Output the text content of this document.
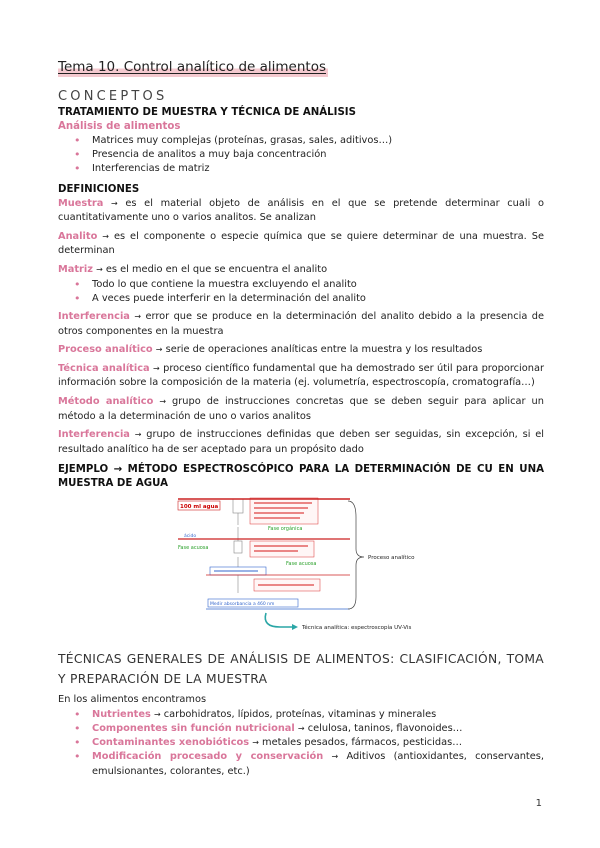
Tema 10. Control analítico de alimentos
CONCEPTOS
TRATAMIENTO DE MUESTRA Y TÉCNICA DE ANÁLISIS
Análisis de alimentos
• Matrices muy complejas (proteínas, grasas, sales, aditivos…)
• Presencia de analitos a muy baja concentración
• Interferencias de matriz
DEFINICIONES

Muestra → es el material objeto de análisis en el que se pretende determinar cuali o cuantitativamente uno o varios analitos. Se analizan

Analito → es el componente o especie química que se quiere determinar de una muestra. Se determinan

Matriz → es el medio en el que se encuentra el analito

• Todo lo que contiene la muestra excluyendo el analito
• A veces puede interferir en la determinación del analito

Interferencia → error que se produce en la determinación del analito debido a la presencia de otros componentes en la muestra

Proceso analítico → serie de operaciones analíticas entre la muestra y los resultados

Técnica analítica → proceso científico fundamental que ha demostrado ser útil para proporcionar información sobre la composición de la materia (ej. volumetría, espectroscopía, cromatografía…)

Método analítico → grupo de instrucciones concretas que se deben seguir para aplicar un método a la determinación de uno o varios analitos

Interferencia → grupo de instrucciones definidas que deben ser seguidas, sin excepción, si el resultado analítico ha de ser aceptado para un propósito dado

EJEMPLO → MÉTODO ESPECTROSCÓPICO PARA LA DETERMINACIÓN DE CU EN UNA MUESTRA DE AGUA
100 ml agua
Fase orgánica
ácido
Fase acuosa
Fase acuosa
Medir absorbancia a 460 nm
Proceso analítico
Técnica analítica: espectroscopía UV-Vis
TÉCNICAS GENERALES DE ANÁLISIS DE ALIMENTOS: CLASIFICACIÓN, TOMA Y PREPARACIÓN DE LA MUESTRA
En los alimentos encontramos
• Nutrientes → carbohidratos, lípidos, proteínas, vitaminas y minerales
• Componentes sin función nutricional → celulosa, taninos, flavonoides…
• Contaminantes xenobióticos → metales pesados, fármacos, pesticidas…
• Modificación procesado y conservación → Aditivos (antioxidantes, conservantes, emulsionantes, colorantes, etc.)
1
